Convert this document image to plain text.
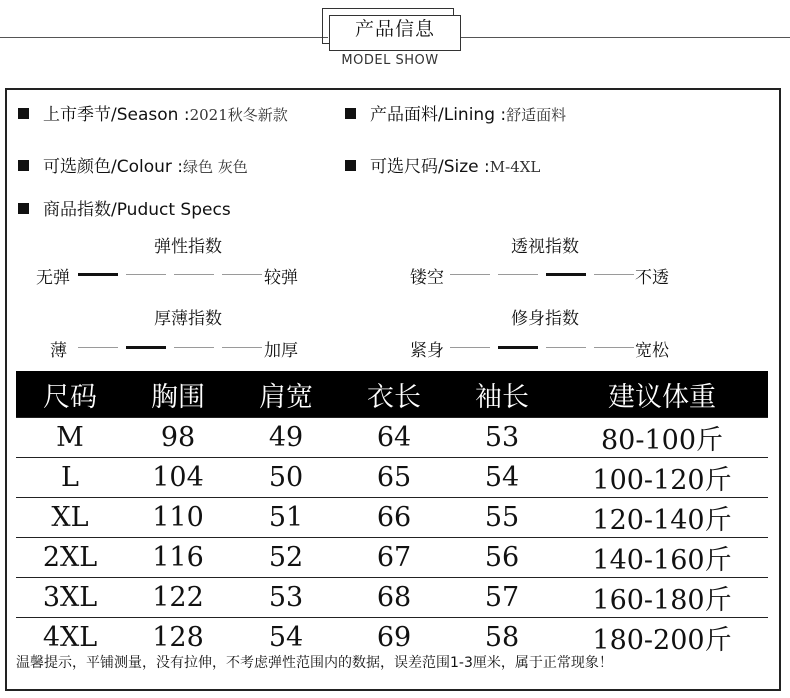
产品信息
MODEL SHOW
上市季节/Season :2021秋冬新款	产品面料/Lining :舒适面料
可选颜色/Colour :绿色 灰色	可选尺码/Size :M-4XL
商品指数/Puduct Specs
弹性指数
无弹	较弹
透视指数
镂空	不透
厚薄指数
薄	加厚
修身指数
紧身	宽松
尺码	胸围	肩宽	衣长	袖长	建议体重
M	98	49	64	53	80-100斤
L	104	50	65	54	100-120斤
XL	110	51	66	55	120-140斤
2XL	116	52	67	56	140-160斤
3XL	122	53	68	57	160-180斤
4XL	128	54	69	58	180-200斤
温馨提示，平铺测量，没有拉伸，不考虑弹性范围内的数据，误差范围1-3厘米，属于正常现象！
